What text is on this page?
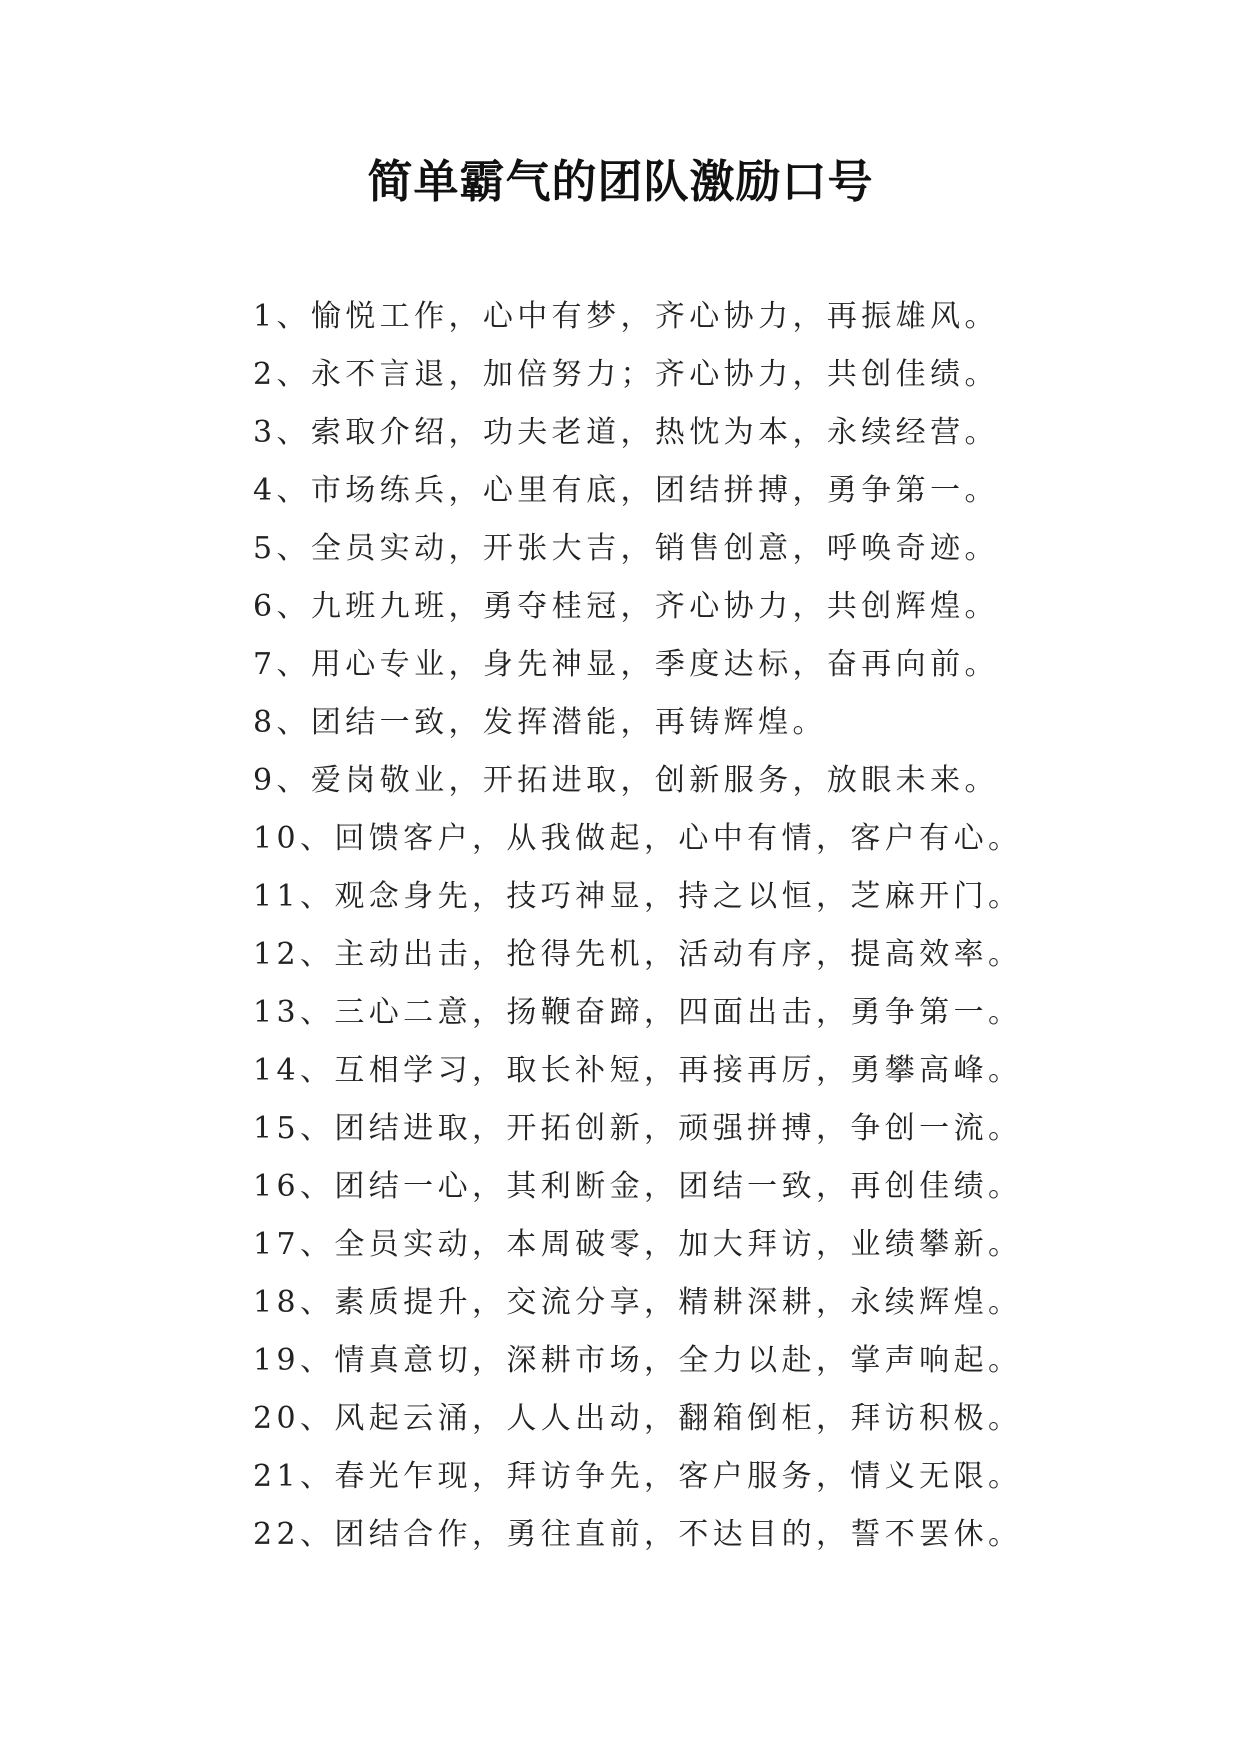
简单霸气的团队激励口号
1、愉悦工作，心中有梦，齐心协力，再振雄风。
2、永不言退，加倍努力；齐心协力，共创佳绩。
3、索取介绍，功夫老道，热忱为本，永续经营。
4、市场练兵，心里有底，团结拼搏，勇争第一。
5、全员实动，开张大吉，销售创意，呼唤奇迹。
6、九班九班，勇夺桂冠，齐心协力，共创辉煌。
7、用心专业，身先神显，季度达标，奋再向前。
8、团结一致，发挥潜能，再铸辉煌。
9、爱岗敬业，开拓进取，创新服务，放眼未来。
10、回馈客户，从我做起，心中有情，客户有心。
11、观念身先，技巧神显，持之以恒，芝麻开门。
12、主动出击，抢得先机，活动有序，提高效率。
13、三心二意，扬鞭奋蹄，四面出击，勇争第一。
14、互相学习，取长补短，再接再厉，勇攀高峰。
15、团结进取，开拓创新，顽强拼搏，争创一流。
16、团结一心，其利断金，团结一致，再创佳绩。
17、全员实动，本周破零，加大拜访，业绩攀新。
18、素质提升，交流分享，精耕深耕，永续辉煌。
19、情真意切，深耕市场，全力以赴，掌声响起。
20、风起云涌，人人出动，翻箱倒柜，拜访积极。
21、春光乍现，拜访争先，客户服务，情义无限。
22、团结合作，勇往直前，不达目的，誓不罢休。
